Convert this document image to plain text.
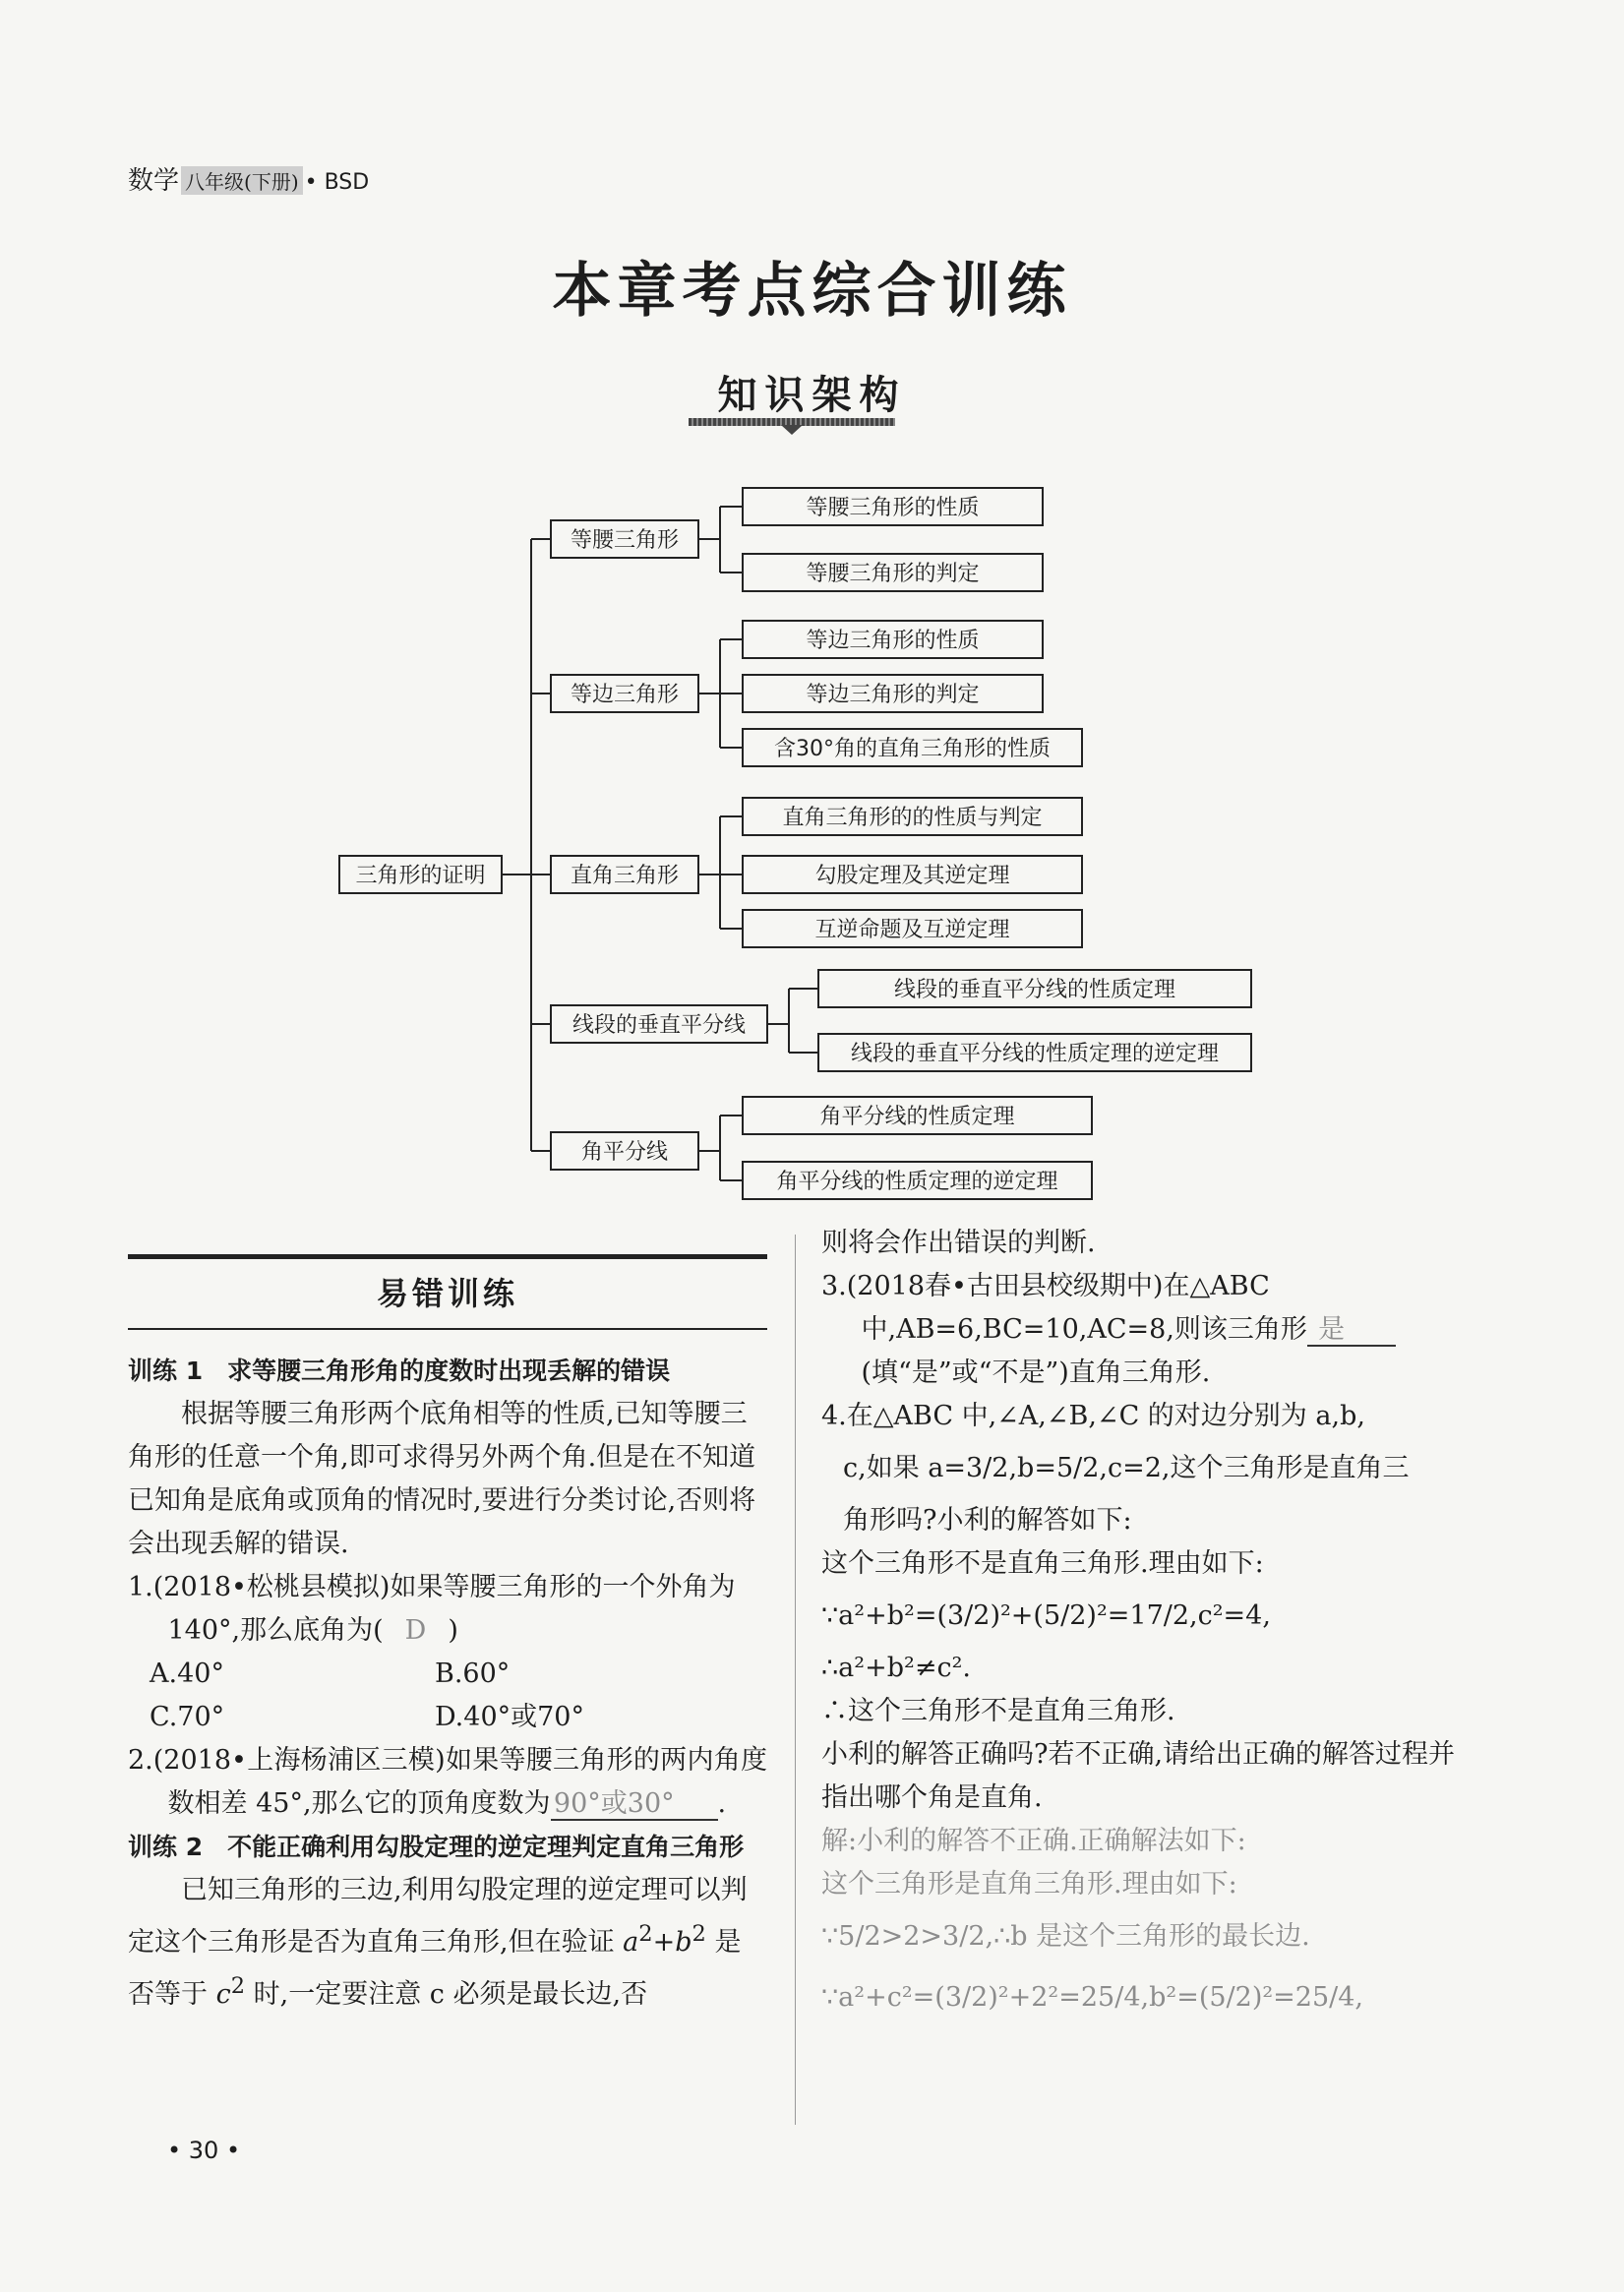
数学 八年级(下册) • BSD
本章考点综合训练
知识架构
三角形的证明
等腰三角形
等腰三角形的性质
等腰三角形的判定
等边三角形
等边三角形的性质
等边三角形的判定
含30°角的直角三角形的性质
直角三角形
直角三角形的的性质与判定
勾股定理及其逆定理
互逆命题及互逆定理
线段的垂直平分线
线段的垂直平分线的性质定理
线段的垂直平分线的性质定理的逆定理
角平分线
角平分线的性质定理
角平分线的性质定理的逆定理
易错训练
训练 1　求等腰三角形角的度数时出现丢解的错误
根据等腰三角形两个底角相等的性质,已知等腰三角形的任意一个角,即可求得另外两个角.但是在不知道已知角是底角或顶角的情况时,要进行分类讨论,否则将会出现丢解的错误.
1.(2018•松桃县模拟)如果等腰三角形的一个外角为140°,那么底角为( D )
A.40°	B.60°
C.70°	D.40°或70°
2.(2018•上海杨浦区三模)如果等腰三角形的两内角度数相差 45°,那么它的顶角度数为 90°或30° .
训练 2　不能正确利用勾股定理的逆定理判定直角三角形
已知三角形的三边,利用勾股定理的逆定理可以判定这个三角形是否为直角三角形,但在验证 $a^2+b^2$ 是否等于 $c^2$ 时,一定要注意 c 必须是最长边,否
则将会作出错误的判断.
3.(2018春•古田县校级期中)在△ABC 中,AB=6,BC=10,AC=8,则该三角形 是(填“是”或“不是”)直角三角形.
4.在△ABC 中,∠A,∠B,∠C 的对边分别为 a,b,
c,如果 a=3/2,b=5/2,c=2,这个三角形是直角三
角形吗?小利的解答如下:
这个三角形不是直角三角形.理由如下:
∵a²+b²=(3/2)²+(5/2)²=17/2,c²=4,
∴a²+b²≠c².
∴这个三角形不是直角三角形.
小利的解答正确吗?若不正确,请给出正确的解答过程并指出哪个角是直角.
解:小利的解答不正确.正确解法如下:
这个三角形是直角三角形.理由如下:
∵5/2>2>3/2,∴b 是这个三角形的最长边.
∵a²+c²=(3/2)²+2²=25/4,b²=(5/2)²=25/4,
• 30 •
